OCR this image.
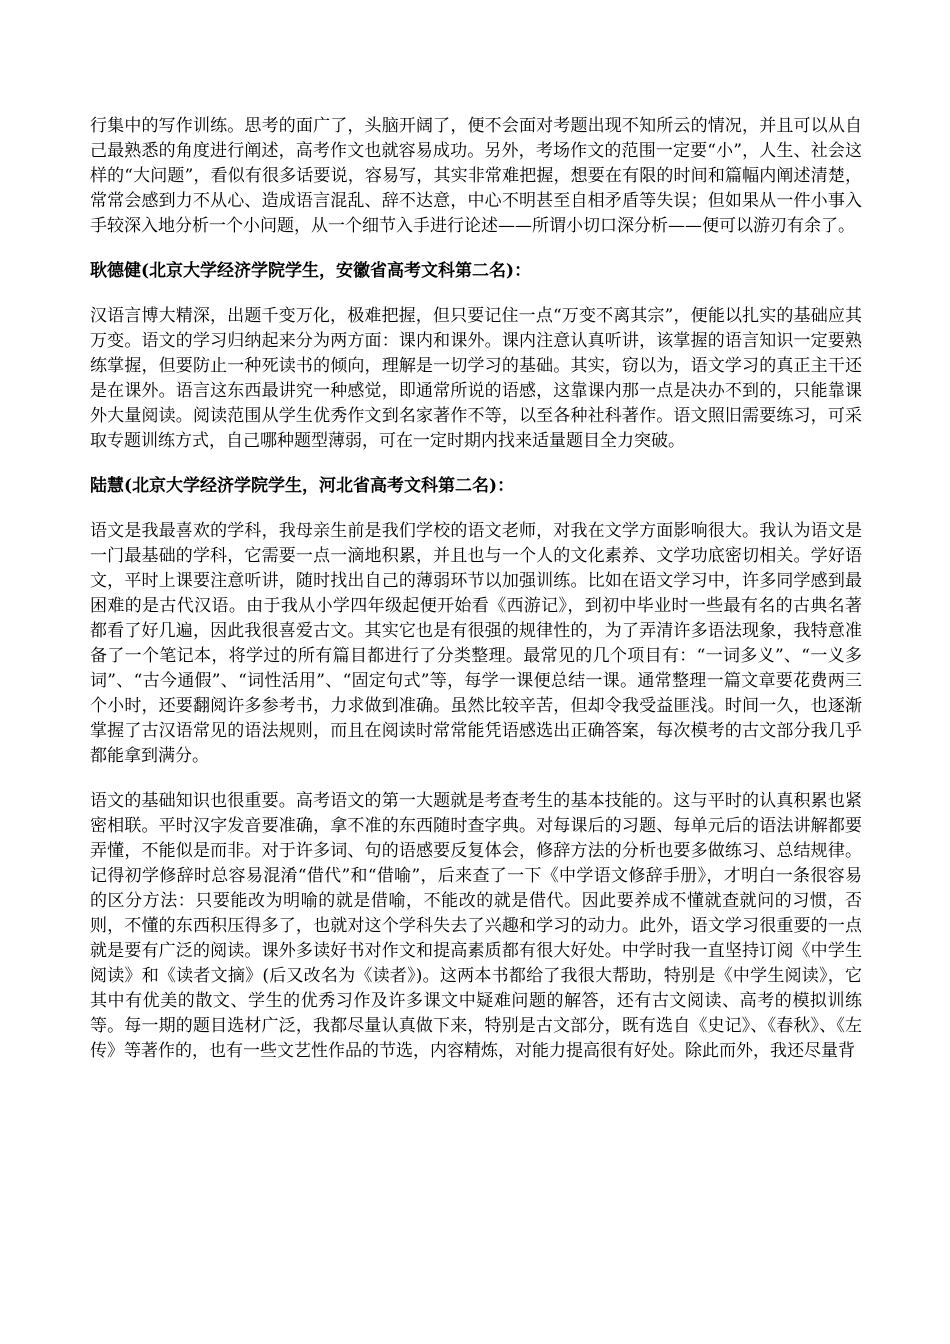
行集中的写作训练。思考的面广了，头脑开阔了，便不会面对考题出现不知所云的情况，并且可以从自己最熟悉的角度进行阐述，高考作文也就容易成功。另外，考场作文的范围一定要“小”，人生、社会这样的“大问题”，看似有很多话要说，容易写，其实非常难把握，想要在有限的时间和篇幅内阐述清楚，常常会感到力不从心、造成语言混乱、辞不达意，中心不明甚至自相矛盾等失误；但如果从一件小事入手较深入地分析一个小问题，从一个细节入手进行论述——所谓小切口深分析——便可以游刃有余了。

耿德健(北京大学经济学院学生，安徽省高考文科第二名)：

汉语言博大精深，出题千变万化，极难把握，但只要记住一点“万变不离其宗”，便能以扎实的基础应其万变。语文的学习归纳起来分为两方面：课内和课外。课内注意认真听讲，该掌握的语言知识一定要熟练掌握，但要防止一种死读书的倾向，理解是一切学习的基础。其实，窃以为，语文学习的真正主干还是在课外。语言这东西最讲究一种感觉，即通常所说的语感，这靠课内那一点是决办不到的，只能靠课外大量阅读。阅读范围从学生优秀作文到名家著作不等，以至各种社科著作。语文照旧需要练习，可采取专题训练方式，自己哪种题型薄弱，可在一定时期内找来适量题目全力突破。

陆慧(北京大学经济学院学生，河北省高考文科第二名)：

语文是我最喜欢的学科，我母亲生前是我们学校的语文老师，对我在文学方面影响很大。我认为语文是一门最基础的学科，它需要一点一滴地积累，并且也与一个人的文化素养、文学功底密切相关。学好语文，平时上课要注意听讲，随时找出自己的薄弱环节以加强训练。比如在语文学习中，许多同学感到最困难的是古代汉语。由于我从小学四年级起便开始看《西游记》，到初中毕业时一些最有名的古典名著都看了好几遍，因此我很喜爱古文。其实它也是有很强的规律性的，为了弄清许多语法现象，我特意准备了一个笔记本，将学过的所有篇目都进行了分类整理。最常见的几个项目有：“一词多义”、“一义多词”、“古今通假”、“词性活用”、“固定句式”等，每学一课便总结一课。通常整理一篇文章要花费两三个小时，还要翻阅许多参考书，力求做到准确。虽然比较辛苦，但却令我受益匪浅。时间一久，也逐渐掌握了古汉语常见的语法规则，而且在阅读时常常能凭语感选出正确答案，每次模考的古文部分我几乎都能拿到满分。

语文的基础知识也很重要。高考语文的第一大题就是考查考生的基本技能的。这与平时的认真积累也紧密相联。平时汉字发音要准确，拿不准的东西随时查字典。对每课后的习题、每单元后的语法讲解都要弄懂，不能似是而非。对于许多词、句的语感要反复体会，修辞方法的分析也要多做练习、总结规律。记得初学修辞时总容易混淆“借代”和“借喻”，后来查了一下《中学语文修辞手册》，才明白一条很容易的区分方法：只要能改为明喻的就是借喻，不能改的就是借代。因此要养成不懂就查就问的习惯，否则，不懂的东西积压得多了，也就对这个学科失去了兴趣和学习的动力。此外，语文学习很重要的一点就是要有广泛的阅读。课外多读好书对作文和提高素质都有很大好处。中学时我一直坚持订阅《中学生阅读》和《读者文摘》(后又改名为《读者》)。这两本书都给了我很大帮助，特别是《中学生阅读》，它其中有优美的散文、学生的优秀习作及许多课文中疑难问题的解答，还有古文阅读、高考的模拟训练等。每一期的题目选材广泛，我都尽量认真做下来，特别是古文部分，既有选自《史记》、《春秋》、《左传》等著作的，也有一些文艺性作品的节选，内容精炼，对能力提高很有好处。除此而外，我还尽量背
